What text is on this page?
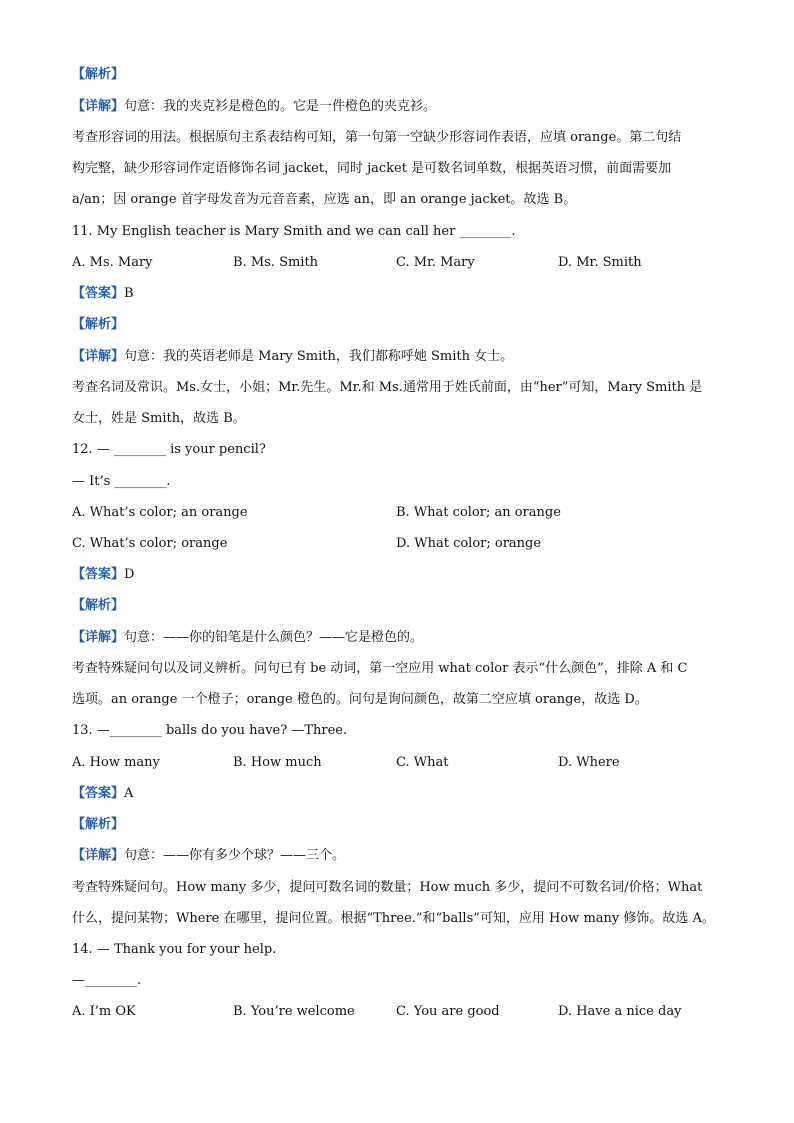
【解析】
【详解】句意：我的夹克衫是橙色的。它是一件橙色的夹克衫。
考查形容词的用法。根据原句主系表结构可知，第一句第一空缺少形容词作表语，应填 orange。第二句结
构完整，缺少形容词作定语修饰名词 jacket，同时 jacket 是可数名词单数，根据英语习惯，前面需要加
a/an；因 orange 首字母发音为元音音素，应选 an，即 an orange jacket。故选 B。
11. My English teacher is Mary Smith and we can call her ________.
A. Ms. Mary	B. Ms. Smith	C. Mr. Mary	D. Mr. Smith
【答案】B
【解析】
【详解】句意：我的英语老师是 Mary Smith，我们都称呼她 Smith 女士。
考查名词及常识。Ms.女士，小姐；Mr.先生。Mr.和 Ms.通常用于姓氏前面，由“her”可知，Mary Smith 是
女士，姓是 Smith，故选 B。
12. — ________ is your pencil?
— It’s ________.
A. What’s color; an orange	B. What color; an orange
C. What’s color; orange	D. What color; orange
【答案】D
【解析】
【详解】句意：——你的铅笔是什么颜色？——它是橙色的。
考查特殊疑问句以及词义辨析。问句已有 be 动词，第一空应用 what color 表示“什么颜色”，排除 A 和 C
选项。an orange 一个橙子；orange 橙色的。问句是询问颜色，故第二空应填 orange，故选 D。
13. —________ balls do you have? —Three.
A. How many	B. How much	C. What	D. Where
【答案】A
【解析】
【详解】句意：——你有多少个球？——三个。
考查特殊疑问句。How many 多少，提问可数名词的数量；How much 多少，提问不可数名词/价格；What
什么，提问某物；Where 在哪里，提问位置。根据“Three.”和“balls”可知，应用 How many 修饰。故选 A。
14. — Thank you for your help.
—________.
A. I’m OK	B. You’re welcome	C. You are good	D. Have a nice day
